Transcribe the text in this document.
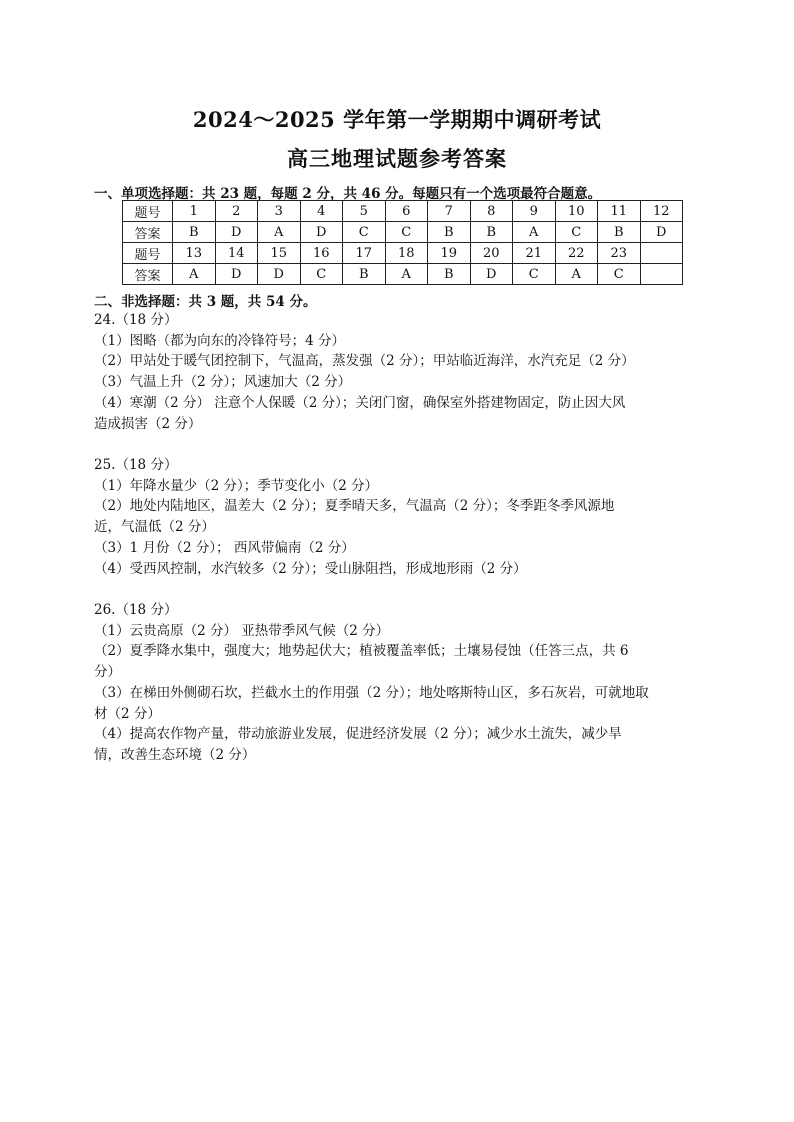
2024～2025 学年第一学期期中调研考试
高三地理试题参考答案
一、单项选择题：共 23 题，每题 2 分，共 46 分。每题只有一个选项最符合题意。
题号	1	2	3	4	5	6	7	8	9	10	11	12
答案	B	D	A	D	C	C	B	B	A	C	B	D
题号	13	14	15	16	17	18	19	20	21	22	23	
答案	A	D	D	C	B	A	B	D	C	A	C	
二、非选择题：共 3 题，共 54 分。
24.（18 分）
（1）图略（都为向东的冷锋符号；4 分）
（2）甲站处于暖气团控制下，气温高，蒸发强（2 分）；甲站临近海洋，水汽充足（2 分）
（3）气温上升（2 分）；风速加大（2 分）
（4）寒潮（2 分） 注意个人保暖（2 分）；关闭门窗，确保室外搭建物固定，防止因大风
造成损害（2 分）
25.（18 分）
（1）年降水量少（2 分）；季节变化小（2 分）
（2）地处内陆地区，温差大（2 分）；夏季晴天多，气温高（2 分）；冬季距冬季风源地
近，气温低（2 分）
（3）1 月份（2 分）； 西风带偏南（2 分）
（4）受西风控制，水汽较多（2 分）；受山脉阻挡，形成地形雨（2 分）
26.（18 分）
（1）云贵高原（2 分） 亚热带季风气候（2 分）
（2）夏季降水集中，强度大；地势起伏大；植被覆盖率低；土壤易侵蚀（任答三点，共 6
分）
（3）在梯田外侧砌石坎，拦截水土的作用强（2 分）；地处喀斯特山区，多石灰岩，可就地取
材（2 分）
（4）提高农作物产量，带动旅游业发展，促进经济发展（2 分）；减少水土流失，减少旱
情，改善生态环境（2 分）
